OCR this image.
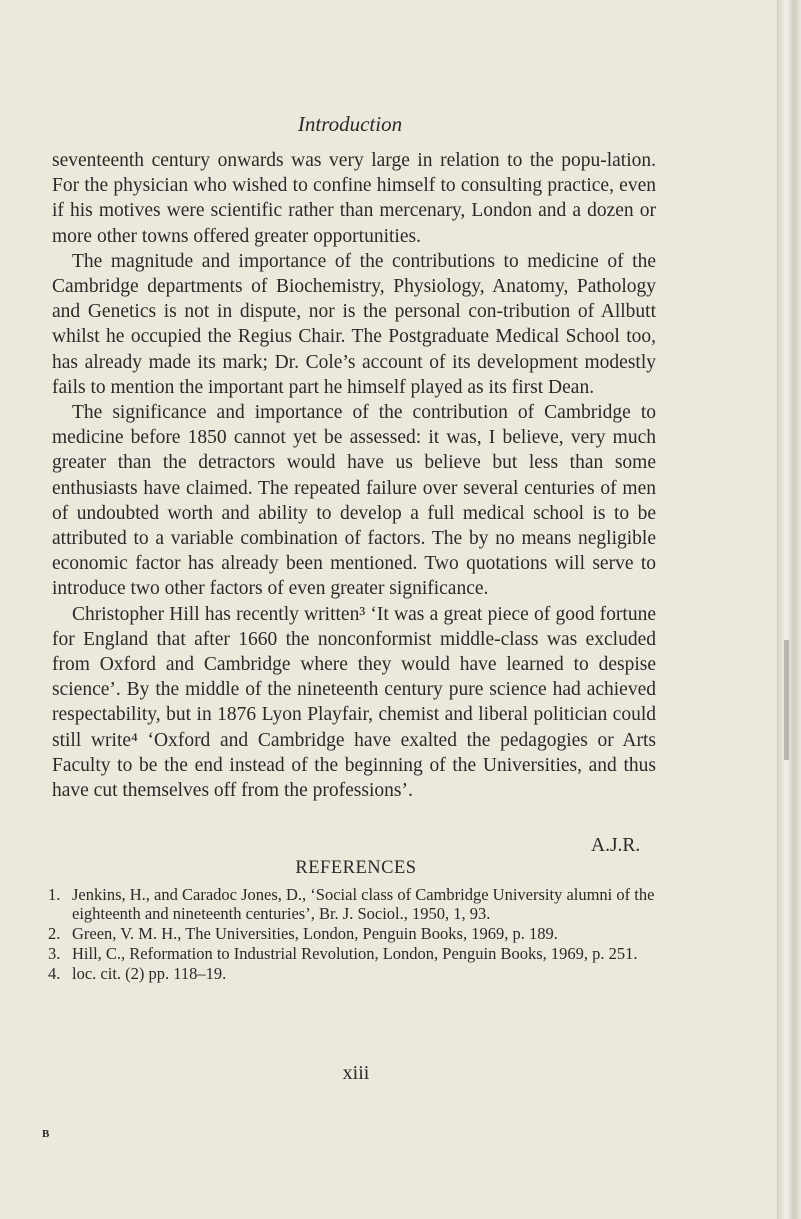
Introduction

seventeenth century onwards was very large in relation to the popu-lation. For the physician who wished to confine himself to consulting practice, even if his motives were scientific rather than mercenary, London and a dozen or more other towns offered greater opportunities.

The magnitude and importance of the contributions to medicine of the Cambridge departments of Biochemistry, Physiology, Anatomy, Pathology and Genetics is not in dispute, nor is the personal con-tribution of Allbutt whilst he occupied the Regius Chair. The Postgraduate Medical School too, has already made its mark; Dr. Cole’s account of its development modestly fails to mention the important part he himself played as its first Dean.

The significance and importance of the contribution of Cambridge to medicine before 1850 cannot yet be assessed: it was, I believe, very much greater than the detractors would have us believe but less than some enthusiasts have claimed. The repeated failure over several centuries of men of undoubted worth and ability to develop a full medical school is to be attributed to a variable combination of factors. The by no means negligible economic factor has already been mentioned. Two quotations will serve to introduce two other factors of even greater significance.

Christopher Hill has recently written³ ‘It was a great piece of good fortune for England that after 1660 the nonconformist middle-class was excluded from Oxford and Cambridge where they would have learned to despise science’. By the middle of the nineteenth century pure science had achieved respectability, but in 1876 Lyon Playfair, chemist and liberal politician could still write⁴ ‘Oxford and Cambridge have exalted the pedagogies or Arts Faculty to be the end instead of the beginning of the Universities, and thus have cut themselves off from the professions’.

A.J.R.
REFERENCES
1. Jenkins, H., and Caradoc Jones, D., ‘Social class of Cambridge University alumni of the eighteenth and nineteenth centuries’, Br. J. Sociol., 1950, 1, 93.
2. Green, V. M. H., The Universities, London, Penguin Books, 1969, p. 189.
3. Hill, C., Reformation to Industrial Revolution, London, Penguin Books, 1969, p. 251.
4. loc. cit. (2) pp. 118–19.
xiii
B
